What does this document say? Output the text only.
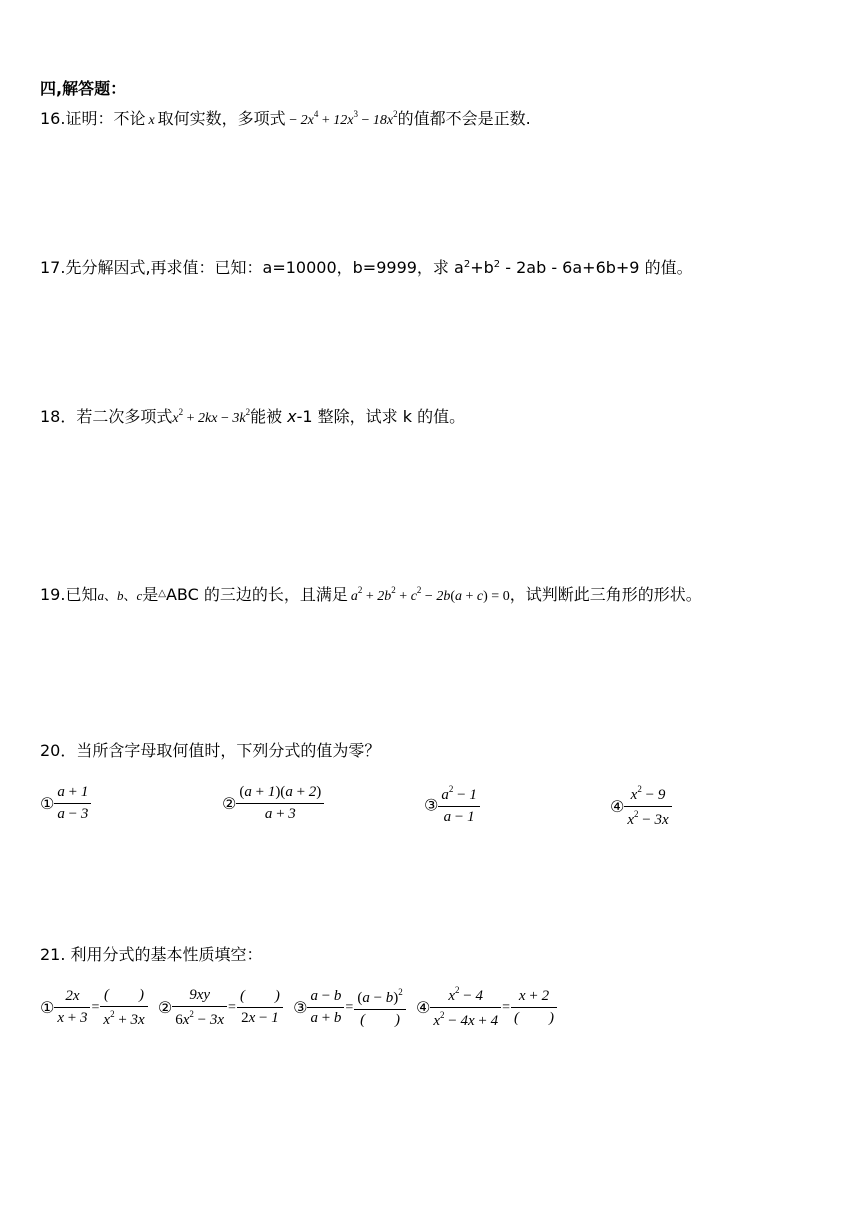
四,解答题：
16.证明：不论 x 取何实数，多项式 − $2x^4 + 12x^3 - 18x^2$的值都不会是正数.
17.先分解因式,再求值：已知：a=10000，b=9999，求 $a^2+b^2 - 2ab - 6a+6b+9$ 的值。
18．若二次多项式$x^2 + 2kx - 3k^2$能被 x-1 整除，试求 k 的值。
19.已知a、b、c是△ABC 的三边的长，且满足 $a^2 + 2b^2 + c^2 - 2b(a + c) = 0$，试判断此三角形的形状。
20．当所含字母取何值时，下列分式的值为零？
① $\frac{a + 1}{a - 3}$	② $\frac{(a + 1)(a + 2)}{a + 3}$	③ $\frac{a^2 - 1}{a - 1}$	④ $\frac{x^2 - 9}{x^2 - 3x}$
21. 利用分式的基本性质填空：
① $\frac{2x}{x + 3} = \frac{( )}{x^2 + 3x}$ ② $\frac{9xy}{6x^2 - 3x} = \frac{( )}{2x - 1}$ ③ $\frac{a - b}{a + b} = \frac{(a - b)^2}{( )}$ ④ $\frac{x^2 - 4}{x^2 - 4x + 4} = \frac{x + 2}{( )}$
